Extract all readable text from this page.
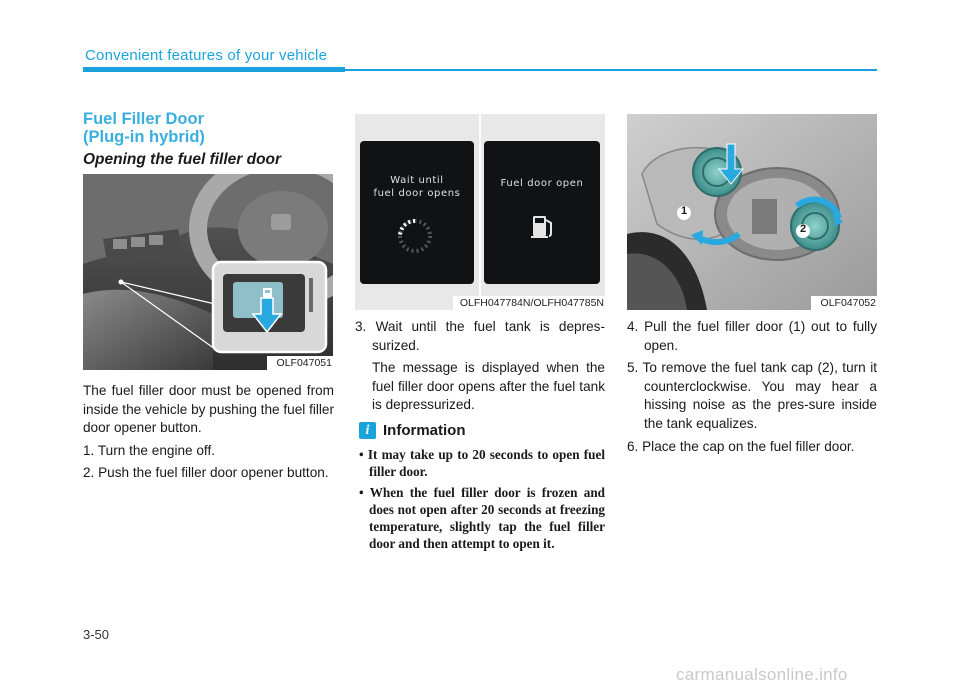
Convenient features of your vehicle
Fuel Filler Door
(Plug-in hybrid)
Opening the fuel filler door
OLF047051
Wait until
fuel door opens
Fuel door open
OLFH047784N/OLFH047785N
1
2
OLF047052

The fuel filler door must be opened from inside the vehicle by pushing the fuel filler door opener button.

1. Turn the engine off.

2. Push the fuel filler door opener button.

3. Wait until the fuel tank is depres-surized.

The message is displayed when the fuel filler door opens after the fuel tank is depressurized.

i Information
• It may take up to 20 seconds to open fuel filler door.
• When the fuel filler door is frozen and does not open after 20 seconds at freezing temperature, slightly tap the fuel filler door and then attempt to open it.

4. Pull the fuel filler door (1) out to fully open.

5. To remove the fuel tank cap (2), turn it counterclockwise. You may hear a hissing noise as the pres-sure inside the tank equalizes.

6. Place the cap on the fuel filler door.

3-50
carmanualsonline.info
